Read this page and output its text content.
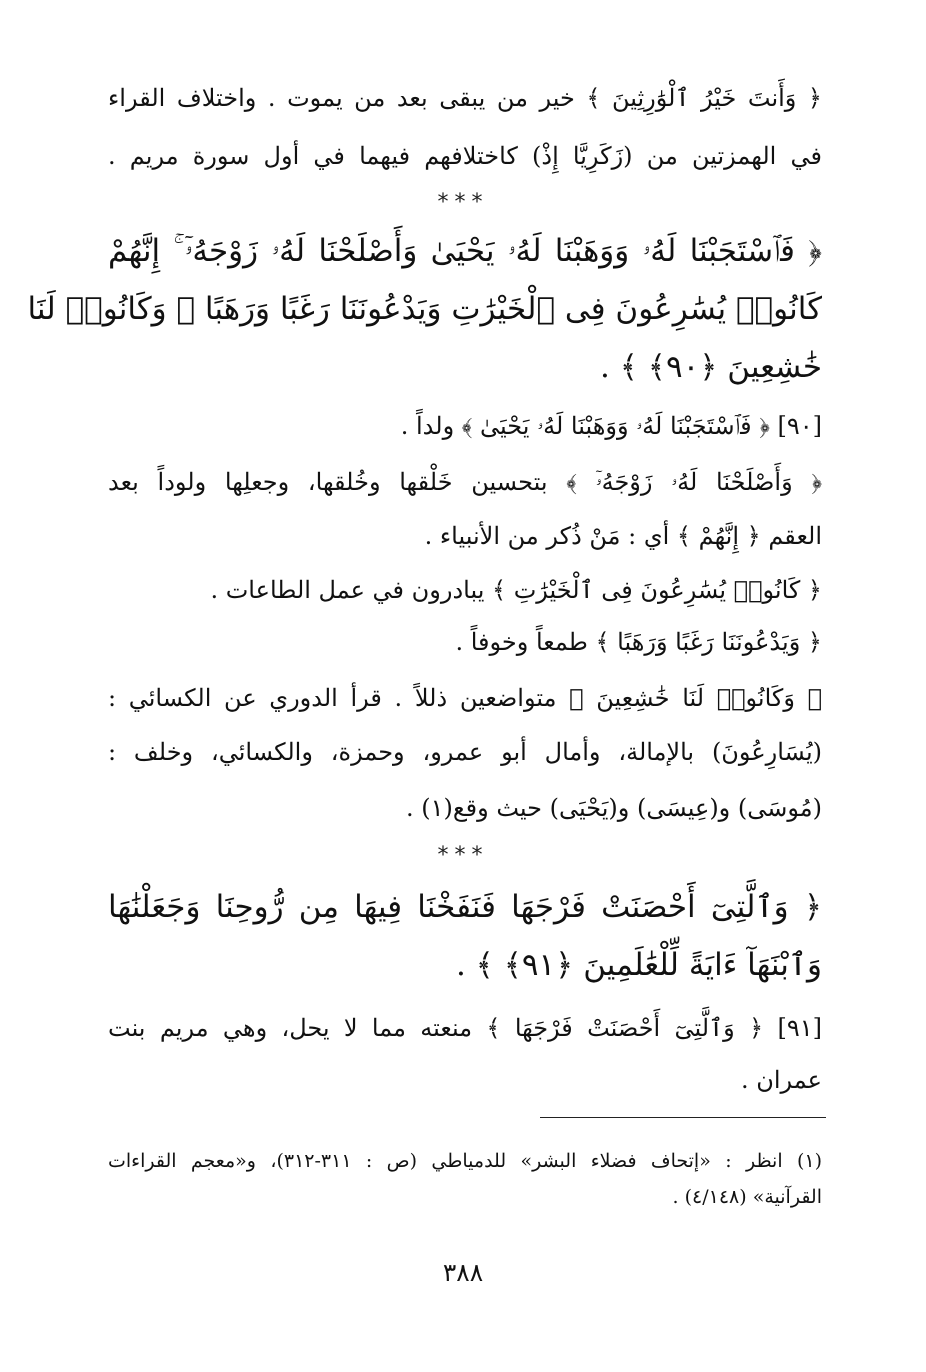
﴿ وَأَنتَ خَيْرُ ٱلْوَٰرِثِينَ ﴾ خير من يبقى بعد من يموت . واختلاف القراء
في الهمزتين من (زَكَرِيَّا إِذْ) كاختلافهم فيهما في أول سورة مريم .
***
﴿ فَٱسْتَجَبْنَا لَهُۥ وَوَهَبْنَا لَهُۥ يَحْيَىٰ وَأَصْلَحْنَا لَهُۥ زَوْجَهُۥٓ ۚ إِنَّهُمْ
كَانُوا۟ يُسَٰرِعُونَ فِى ٱلْخَيْرَٰتِ وَيَدْعُونَنَا رَغَبًا وَرَهَبًا ۖ وَكَانُوا۟ لَنَا
خَٰشِعِينَ ﴿٩٠﴾ ﴾ .
[٩٠] ﴿ فَٱسْتَجَبْنَا لَهُۥ وَوَهَبْنَا لَهُۥ يَحْيَىٰ ﴾ ولداً .
﴿ وَأَصْلَحْنَا لَهُۥ زَوْجَهُۥٓ ﴾ بتحسين خَلْقها وخُلقها، وجعلِها ولوداً بعد
العقم ﴿ إِنَّهُمْ ﴾ أي : مَنْ ذُكر من الأنبياء .
﴿ كَانُوا۟ يُسَٰرِعُونَ فِى ٱلْخَيْرَٰتِ ﴾ يبادرون في عمل الطاعات .
﴿ وَيَدْعُونَنَا رَغَبًا وَرَهَبًا ﴾ طمعاً وخوفاً .
﴿ وَكَانُوا۟ لَنَا خَٰشِعِينَ ﴾ متواضعين ذللاً . قرأ الدوري عن الكسائي :
(يُسَارِعُونَ) بالإمالة، وأمال أبو عمرو، وحمزة، والكسائي، وخلف :
(مُوسَى) و(عِيسَى) و(يَحْيَى) حيث وقع(١) .
***
﴿ وَٱلَّتِىٓ أَحْصَنَتْ فَرْجَهَا فَنَفَخْنَا فِيهَا مِن رُّوحِنَا وَجَعَلْنَٰهَا
وَٱبْنَهَآ ءَايَةً لِّلْعَٰلَمِينَ ﴿٩١﴾ ﴾ .
[٩١] ﴿ وَٱلَّتِىٓ أَحْصَنَتْ فَرْجَهَا ﴾ منعته مما لا يحل، وهي مريم بنت
عمران .
(١) انظر : «إتحاف فضلاء البشر» للدمياطي (ص : ٣١١-٣١٢)، و«معجم القراءات
القرآنية» (٤/١٤٨) .
٣٨٨
